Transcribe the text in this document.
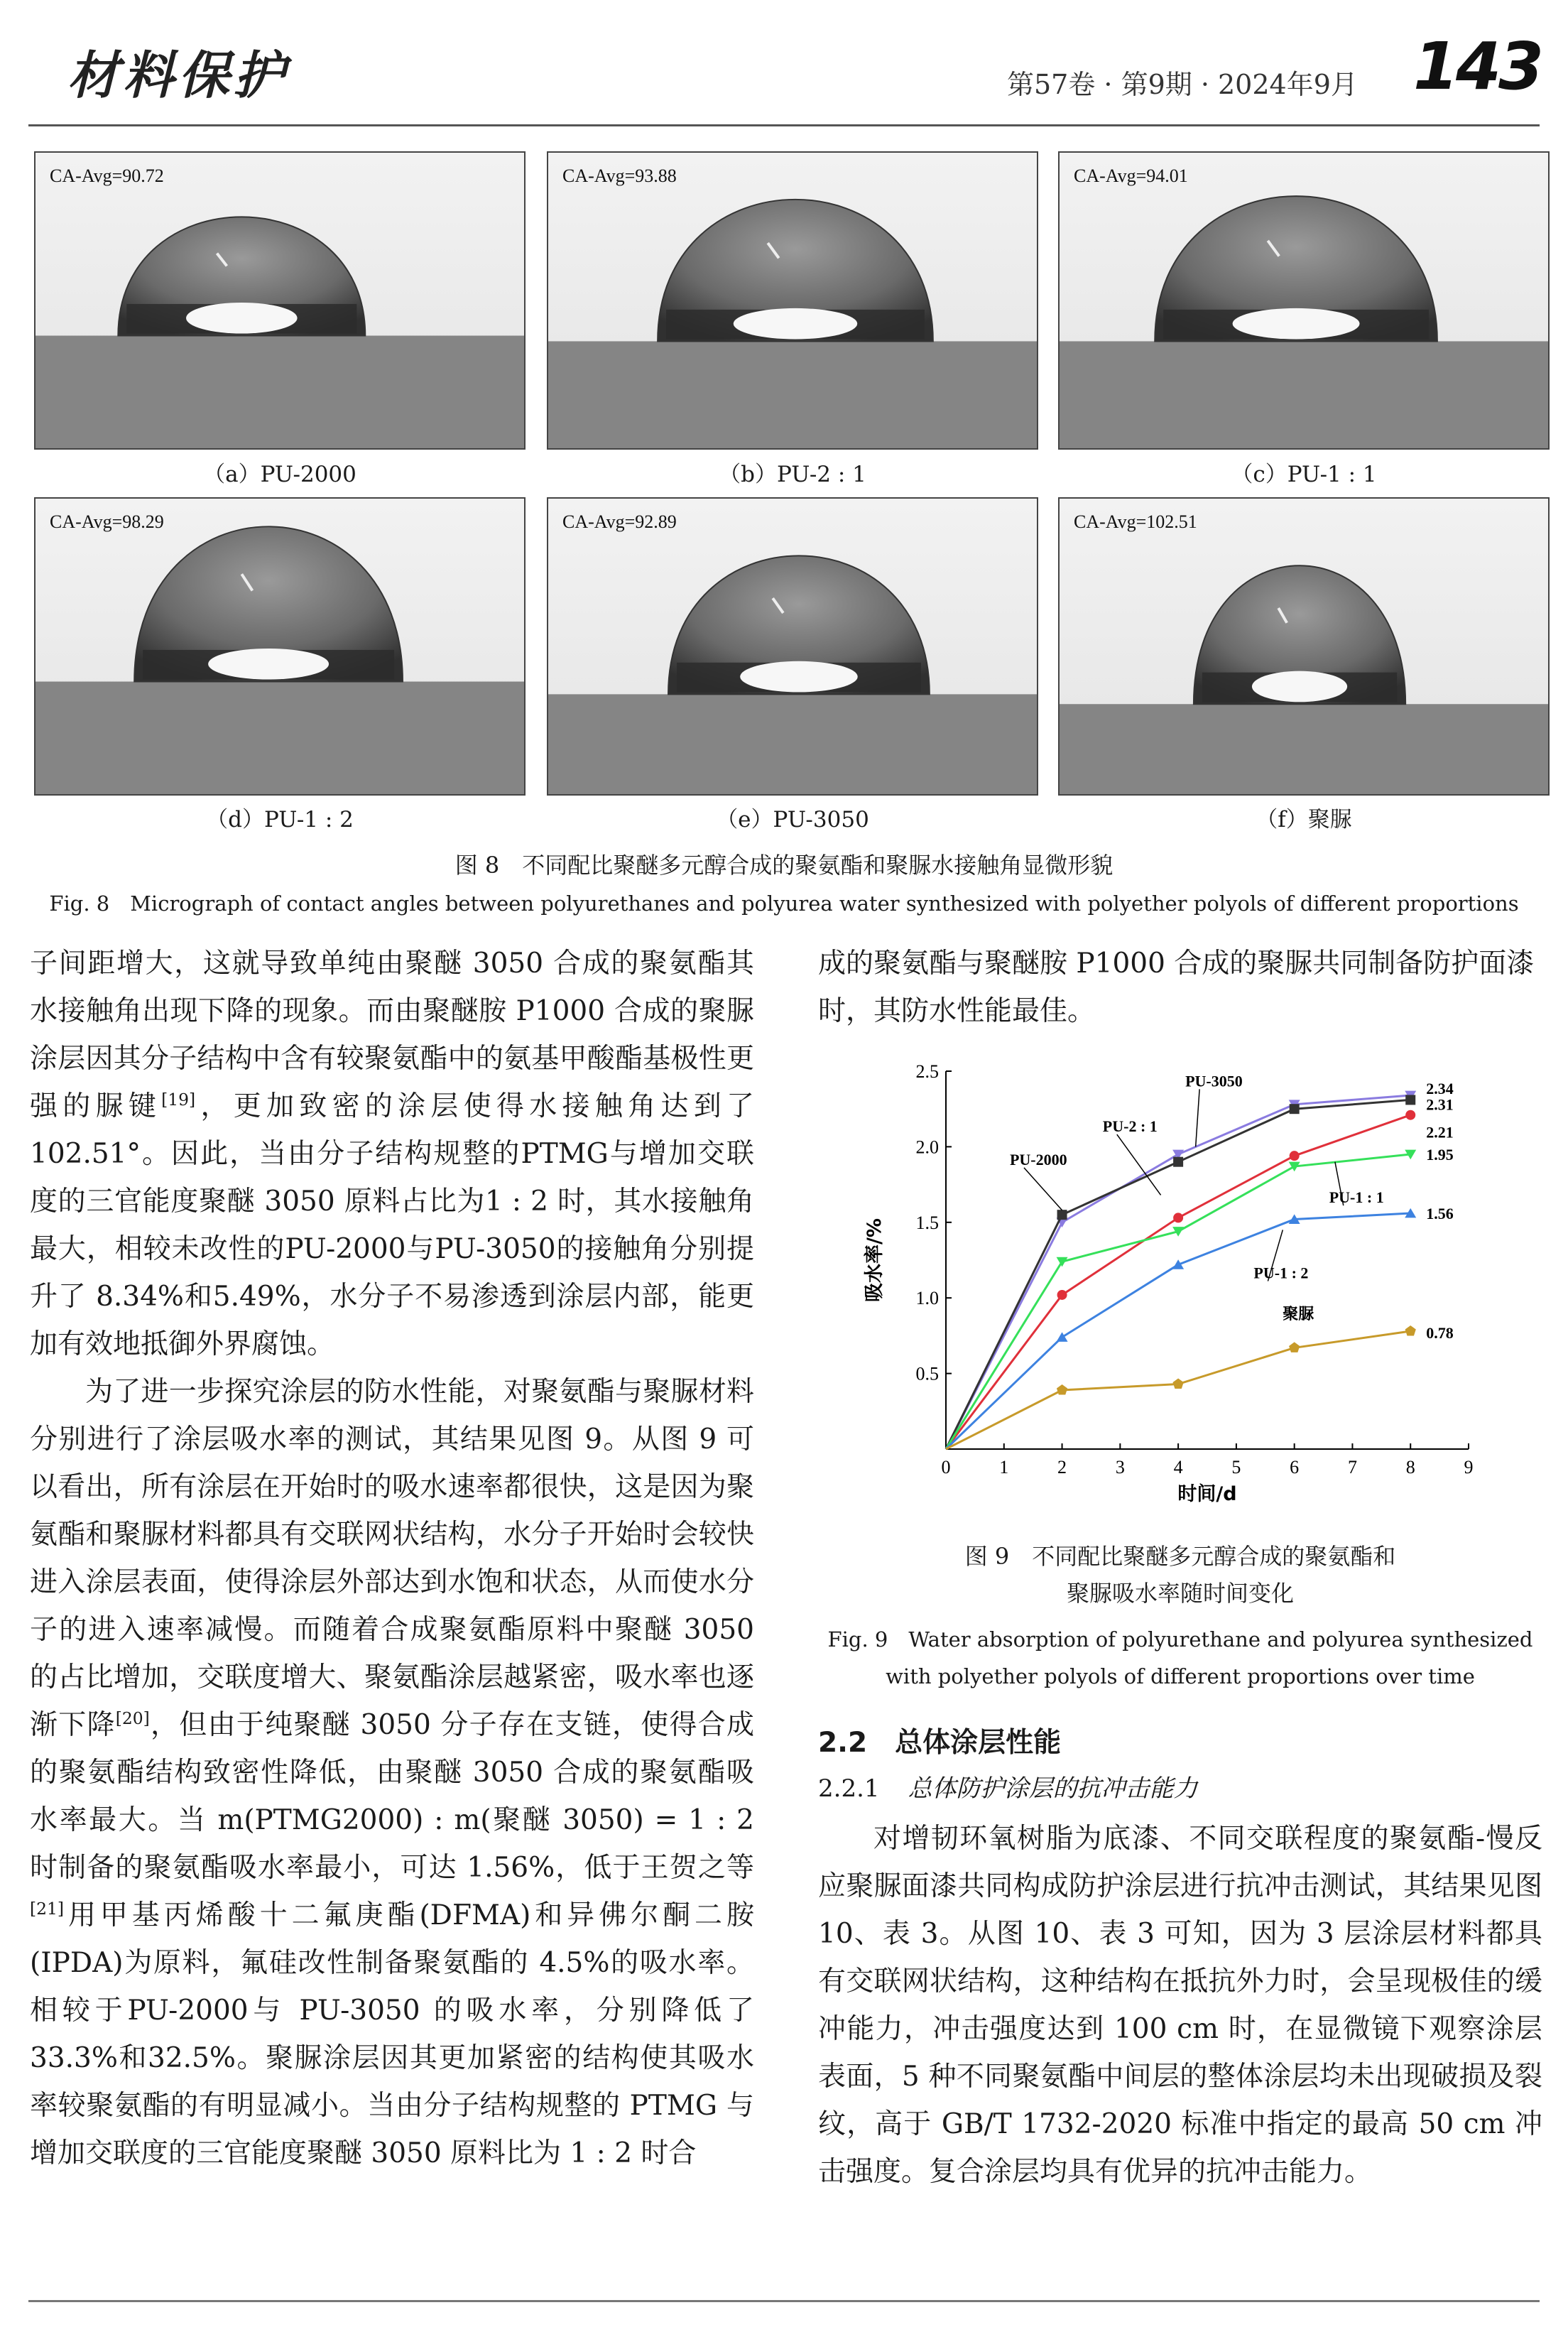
材料保护	第57卷 · 第9期 · 2024年9月 143
CA-Avg=90.72
（a）PU-2000
CA-Avg=93.88
（b）PU-2 : 1
CA-Avg=94.01
（c）PU-1 : 1
CA-Avg=98.29
（d）PU-1 : 2
CA-Avg=92.89
（e）PU-3050
CA-Avg=102.51
（f）聚脲
图 8　不同配比聚醚多元醇合成的聚氨酯和聚脲水接触角显微形貌
Fig. 8　Micrograph of contact angles between polyurethanes and polyurea water synthesized with polyether polyols of different proportions

子间距增大，这就导致单纯由聚醚 3050 合成的聚氨酯其水接触角出现下降的现象。而由聚醚胺 P1000 合成的聚脲涂层因其分子结构中含有较聚氨酯中的氨基甲酸酯基极性更强的脲键[19]，更加致密的涂层使得水接触角达到了 102.51°。因此，当由分子结构规整的PTMG与增加交联度的三官能度聚醚 3050 原料占比为1 : 2 时，其水接触角最大，相较未改性的PU-2000与PU-3050的接触角分别提升了 8.34%和5.49%，水分子不易渗透到涂层内部，能更加有效地抵御外界腐蚀。

为了进一步探究涂层的防水性能，对聚氨酯与聚脲材料分别进行了涂层吸水率的测试，其结果见图 9。从图 9 可以看出，所有涂层在开始时的吸水速率都很快，这是因为聚氨酯和聚脲材料都具有交联网状结构，水分子开始时会较快进入涂层表面，使得涂层外部达到水饱和状态，从而使水分子的进入速率减慢。而随着合成聚氨酯原料中聚醚 3050 的占比增加，交联度增大、聚氨酯涂层越紧密，吸水率也逐渐下降[20]，但由于纯聚醚 3050 分子存在支链，使得合成的聚氨酯结构致密性降低，由聚醚 3050 合成的聚氨酯吸水率最大。当 m(PTMG2000) : m(聚醚 3050) = 1 : 2 时制备的聚氨酯吸水率最小，可达 1.56%，低于王贺之等[21]用甲基丙烯酸十二氟庚酯(DFMA)和异佛尔酮二胺(IPDA)为原料，氟硅改性制备聚氨酯的 4.5%的吸水率。相较于PU-2000与 PU-3050 的吸水率，分别降低了 33.3%和32.5%。聚脲涂层因其更加紧密的结构使其吸水率较聚氨酯的有明显减小。当由分子结构规整的 PTMG 与增加交联度的三官能度聚醚 3050 原料比为 1 : 2 时合

成的聚氨酯与聚醚胺 P1000 合成的聚脲共同制备防护面漆时，其防水性能最佳。

0	1	2	3	4	5	6	7	8	9
0.5
1.0
1.5
2.0
2.5
时间/d
吸水率/%
2.34
2.31
2.21
1.95
1.56
0.78
PU-3050
PU-2000
PU-2 : 1
PU-1 : 1
PU-1 : 2
聚脲
图 9　不同配比聚醚多元醇合成的聚氨酯和
聚脲吸水率随时间变化
Fig. 9　Water absorption of polyurethane and polyurea synthesized
with polyether polyols of different proportions over time
2.2　总体涂层性能
2.2.1 总体防护涂层的抗冲击能力

对增韧环氧树脂为底漆、不同交联程度的聚氨酯-慢反应聚脲面漆共同构成防护涂层进行抗冲击测试，其结果见图 10、表 3。从图 10、表 3 可知，因为 3 层涂层材料都具有交联网状结构，这种结构在抵抗外力时，会呈现极佳的缓冲能力，冲击强度达到 100 cm 时，在显微镜下观察涂层表面，5 种不同聚氨酯中间层的整体涂层均未出现破损及裂纹，高于 GB/T 1732-2020 标准中指定的最高 50 cm 冲击强度。复合涂层均具有优异的抗冲击能力。
